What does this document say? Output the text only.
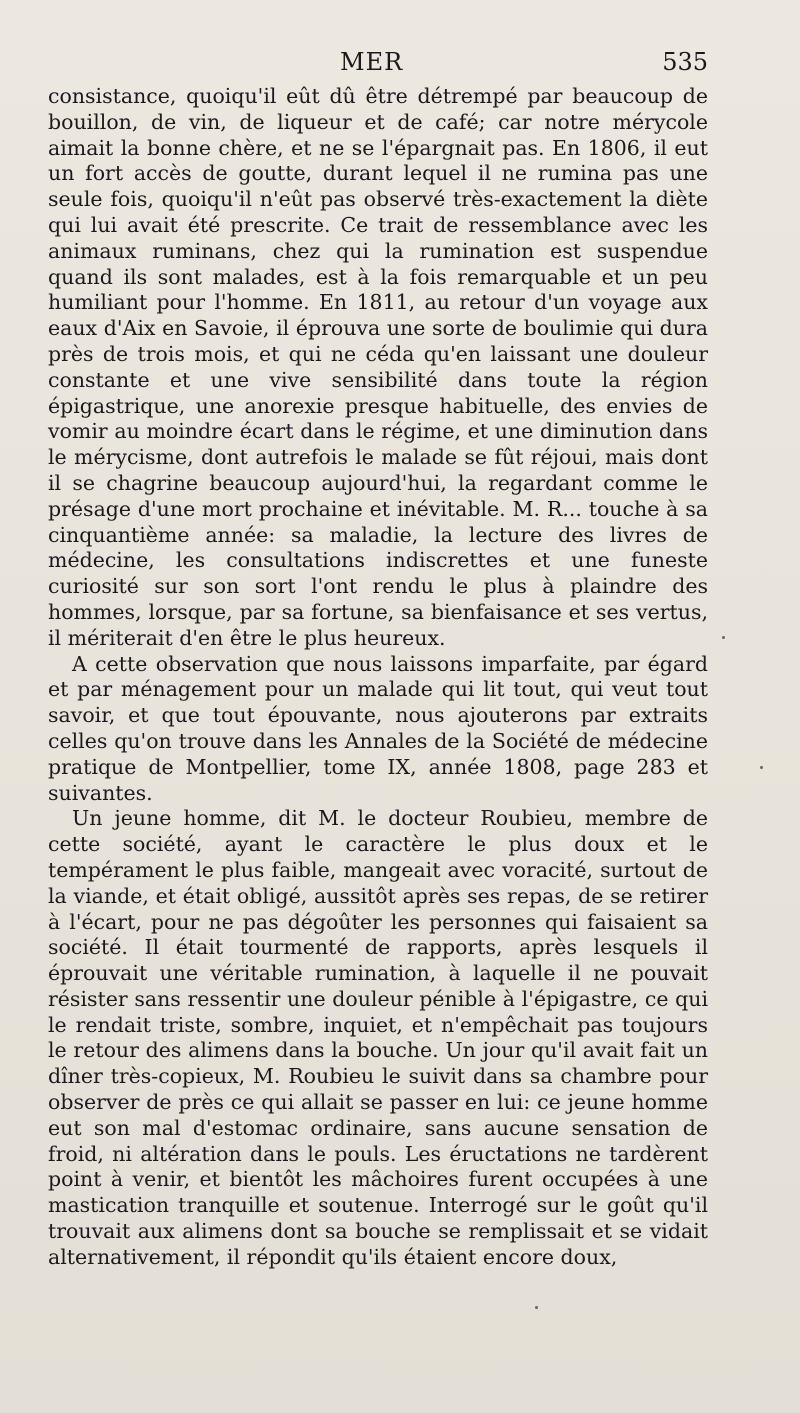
MER	535

consistance, quoiqu'il eût dû être détrempé par beaucoup de bouillon, de vin, de liqueur et de café; car notre mérycole aimait la bonne chère, et ne se l'épargnait pas. En 1806, il eut un fort accès de goutte, durant lequel il ne rumina pas une seule fois, quoiqu'il n'eût pas observé très-exactement la diète qui lui avait été prescrite. Ce trait de ressemblance avec les animaux ruminans, chez qui la rumination est suspendue quand ils sont malades, est à la fois remarquable et un peu humiliant pour l'homme. En 1811, au retour d'un voyage aux eaux d'Aix en Savoie, il éprouva une sorte de boulimie qui dura près de trois mois, et qui ne céda qu'en laissant une douleur constante et une vive sensibilité dans toute la région épigastrique, une anorexie presque habituelle, des envies de vomir au moindre écart dans le régime, et une diminution dans le mérycisme, dont autrefois le malade se fût réjoui, mais dont il se chagrine beaucoup aujourd'hui, la regardant comme le présage d'une mort prochaine et inévitable. M. R... touche à sa cinquantième année: sa maladie, la lecture des livres de médecine, les consultations indiscrettes et une funeste curiosité sur son sort l'ont rendu le plus à plaindre des hommes, lorsque, par sa fortune, sa bienfaisance et ses vertus, il mériterait d'en être le plus heureux.

A cette observation que nous laissons imparfaite, par égard et par ménagement pour un malade qui lit tout, qui veut tout savoir, et que tout épouvante, nous ajouterons par extraits celles qu'on trouve dans les Annales de la Société de médecine pratique de Montpellier, tome IX, année 1808, page 283 et suivantes.

Un jeune homme, dit M. le docteur Roubieu, membre de cette société, ayant le caractère le plus doux et le tempérament le plus faible, mangeait avec voracité, surtout de la viande, et était obligé, aussitôt après ses repas, de se retirer à l'écart, pour ne pas dégoûter les personnes qui faisaient sa société. Il était tourmenté de rapports, après lesquels il éprouvait une véritable rumination, à laquelle il ne pouvait résister sans ressentir une douleur pénible à l'épigastre, ce qui le rendait triste, sombre, inquiet, et n'empêchait pas toujours le retour des alimens dans la bouche. Un jour qu'il avait fait un dîner très-copieux, M. Roubieu le suivit dans sa chambre pour observer de près ce qui allait se passer en lui: ce jeune homme eut son mal d'estomac ordinaire, sans aucune sensation de froid, ni altération dans le pouls. Les éructations ne tardèrent point à venir, et bientôt les mâchoires furent occupées à une mastication tranquille et soutenue. Interrogé sur le goût qu'il trouvait aux alimens dont sa bouche se remplissait et se vidait alternativement, il répondit qu'ils étaient encore doux,
